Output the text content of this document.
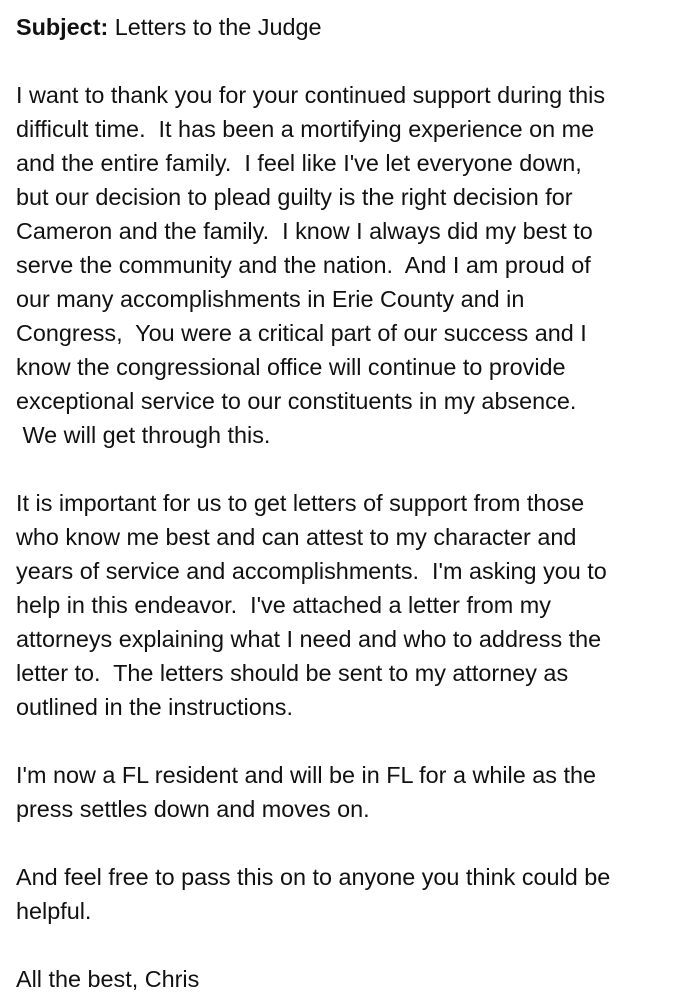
Subject: Letters to the Judge
I want to thank you for your continued support during this
difficult time.  It has been a mortifying experience on me
and the entire family.  I feel like I've let everyone down,
but our decision to plead guilty is the right decision for
Cameron and the family.  I know I always did my best to
serve the community and the nation.  And I am proud of
our many accomplishments in Erie County and in
Congress,  You were a critical part of our success and I
know the congressional office will continue to provide
exceptional service to our constituents in my absence.
We will get through this.
It is important for us to get letters of support from those
who know me best and can attest to my character and
years of service and accomplishments.  I'm asking you to
help in this endeavor.  I've attached a letter from my
attorneys explaining what I need and who to address the
letter to.  The letters should be sent to my attorney as
outlined in the instructions.
I'm now a FL resident and will be in FL for a while as the
press settles down and moves on.
And feel free to pass this on to anyone you think could be
helpful.
All the best, Chris
